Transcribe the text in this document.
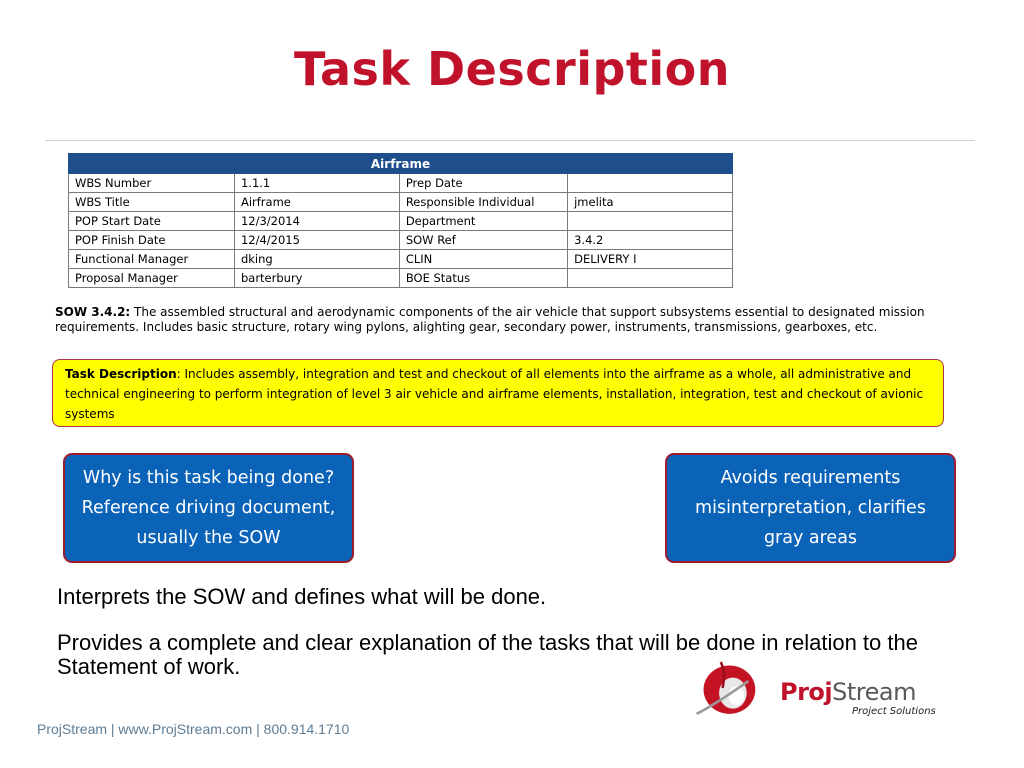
Task Description
Airframe			
WBS Number	1.1.1	Prep Date	
WBS Title	Airframe	Responsible Individual	jmelita
POP Start Date	12/3/2014	Department	
POP Finish Date	12/4/2015	SOW Ref	3.4.2
Functional Manager	dking	CLIN	DELIVERY I
Proposal Manager	barterbury	BOE Status	
SOW 3.4.2: The assembled structural and aerodynamic components of the air vehicle that support subsystems essential to designated mission requirements. Includes basic structure, rotary wing pylons, alighting gear, secondary power, instruments, transmissions, gearboxes, etc.
Task Description: Includes assembly, integration and test and checkout of all elements into the airframe as a whole, all administrative and technical engineering to perform integration of level 3 air vehicle and airframe elements, installation, integration, test and checkout of avionic systems
Why is this task being done? Reference driving document, usually the SOW
Avoids requirements misinterpretation, clarifies gray areas
Interprets the SOW and defines what will be done.
Provides a complete and clear explanation of the tasks that will be done in relation to the Statement of work.
ProjStream
Project Solutions
ProjStream | www.ProjStream.com | 800.914.1710
